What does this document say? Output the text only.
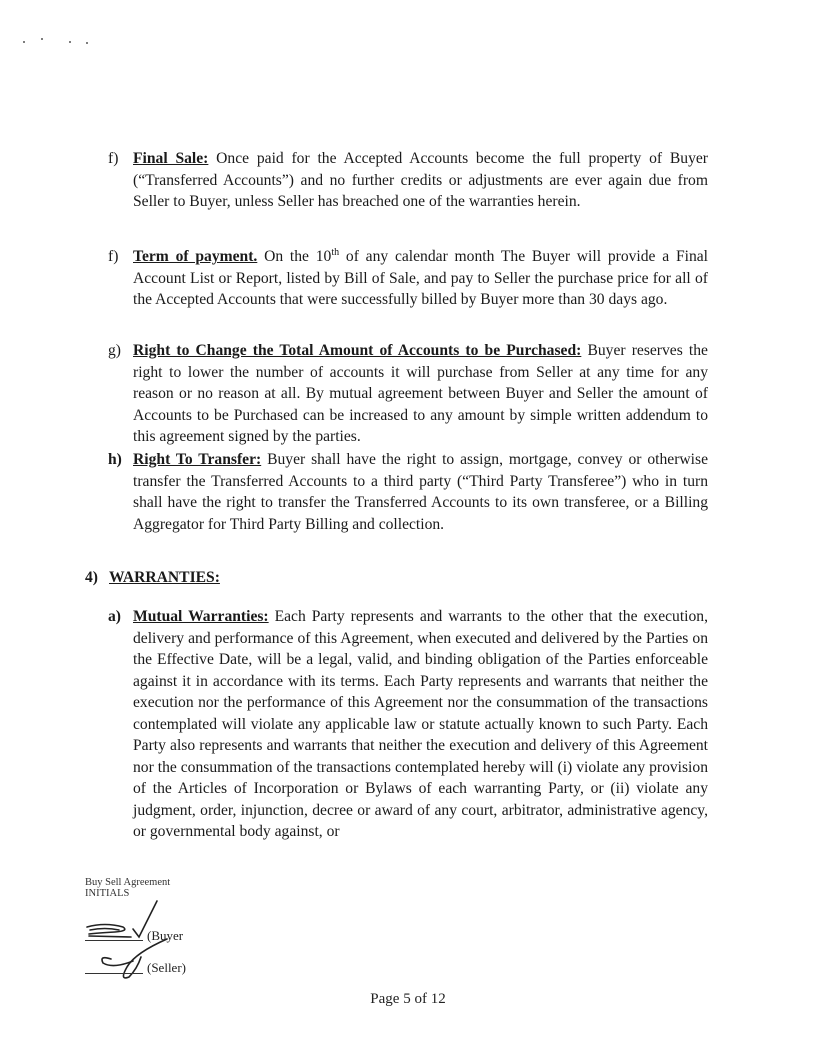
f) Final Sale: Once paid for the Accepted Accounts become the full property of Buyer (“Transferred Accounts”) and no further credits or adjustments are ever again due from Seller to Buyer, unless Seller has breached one of the warranties herein.
f) Term of payment. On the 10th of any calendar month The Buyer will provide a Final Account List or Report, listed by Bill of Sale, and pay to Seller the purchase price for all of the Accepted Accounts that were successfully billed by Buyer more than 30 days ago.
g) Right to Change the Total Amount of Accounts to be Purchased: Buyer reserves the right to lower the number of accounts it will purchase from Seller at any time for any reason or no reason at all. By mutual agreement between Buyer and Seller the amount of Accounts to be Purchased can be increased to any amount by simple written addendum to this agreement signed by the parties.
h) Right To Transfer: Buyer shall have the right to assign, mortgage, convey or otherwise transfer the Transferred Accounts to a third party (“Third Party Transferee”) who in turn shall have the right to transfer the Transferred Accounts to its own transferee, or a Billing Aggregator for Third Party Billing and collection.
4) WARRANTIES:
a) Mutual Warranties: Each Party represents and warrants to the other that the execution, delivery and performance of this Agreement, when executed and delivered by the Parties on the Effective Date, will be a legal, valid, and binding obligation of the Parties enforceable against it in accordance with its terms. Each Party represents and warrants that neither the execution nor the performance of this Agreement nor the consummation of the transactions contemplated will violate any applicable law or statute actually known to such Party. Each Party also represents and warrants that neither the execution and delivery of this Agreement nor the consummation of the transactions contemplated hereby will (i) violate any provision of the Articles of Incorporation or Bylaws of each warranting Party, or (ii) violate any judgment, order, injunction, decree or award of any court, arbitrator, administrative agency, or governmental body against, or
Buy Sell Agreement
INITIALS
(Buyer
(Seller)
Page 5 of 12
